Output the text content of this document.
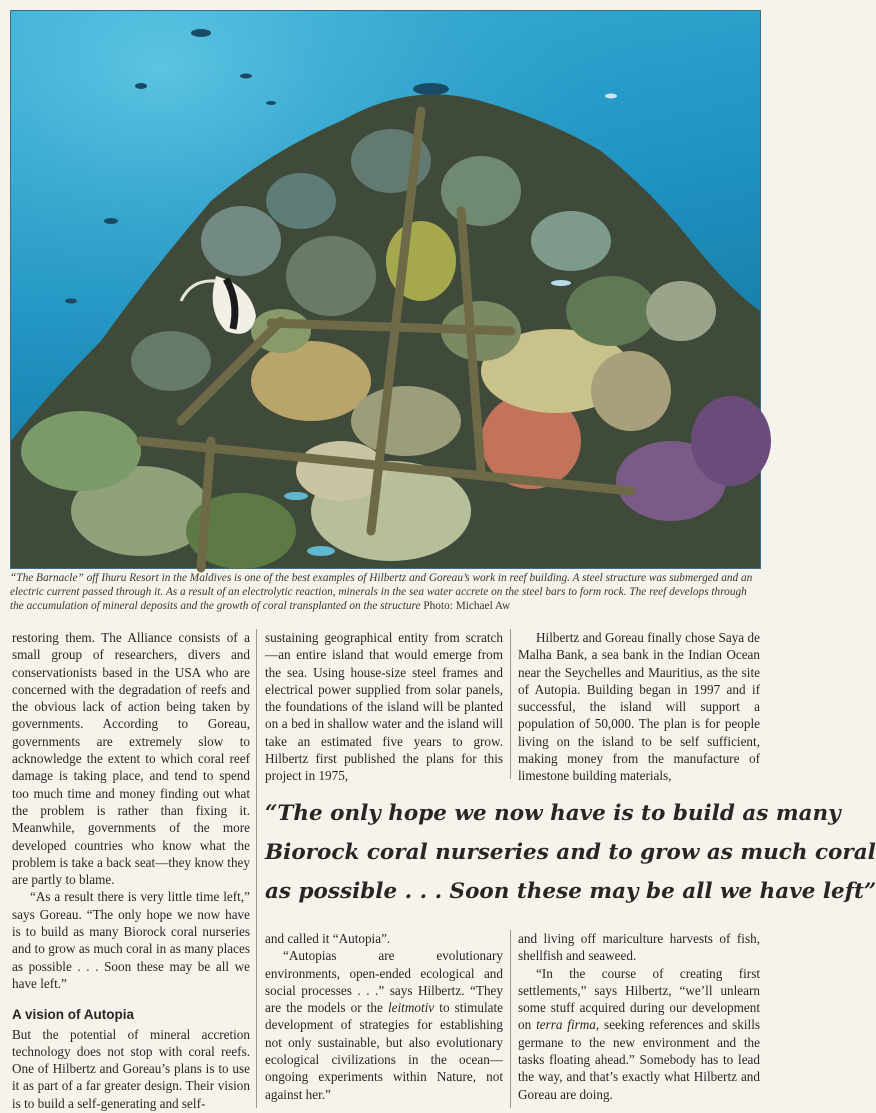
“The Barnacle” off Ihuru Resort in the Maldives is one of the best examples of Hilbertz and Goreau’s work in reef building. A steel structure was submerged and an electric current passed through it. As a result of an electrolytic reaction, minerals in the sea water accrete on the steel bars to form rock. The reef develops through the accumulation of mineral deposits and the growth of coral transplanted on the structure Photo: Michael Aw

restoring them. The Alliance consists of a small group of researchers, divers and conservationists based in the USA who are concerned with the degradation of reefs and the obvious lack of action being taken by governments. According to Goreau, governments are extremely slow to acknowledge the extent to which coral reef damage is taking place, and tend to spend too much time and money finding out what the problem is rather than fixing it. Meanwhile, governments of the more developed countries who know what the problem is take a back seat—they know they are partly to blame.

“As a result there is very little time left,” says Goreau. “The only hope we now have is to build as many Biorock coral nurseries and to grow as much coral in as many places as possible . . . Soon these may be all we have left.”

A vision of Autopia

But the potential of mineral accretion technology does not stop with coral reefs. One of Hilbertz and Goreau’s plans is to use it as part of a far greater design. Their vision is to build a self-generating and self-

sustaining geographical entity from scratch—an entire island that would emerge from the sea. Using house-size steel frames and electrical power supplied from solar panels, the foundations of the island will be planted on a bed in shallow water and the island will take an estimated five years to grow. Hilbertz first published the plans for this project in 1975,

Hilbertz and Goreau finally chose Saya de Malha Bank, a sea bank in the Indian Ocean near the Seychelles and Mauritius, as the site of Autopia. Building began in 1997 and if successful, the island will support a population of 50,000. The plan is for people living on the island to be self sufficient, making money from the manufacture of limestone building materials,

“The only hope we now have is to build as many
Biorock coral nurseries and to grow as much coral
as possible . . . Soon these may be all we have left”

and called it “Autopia”.

“Autopias are evolutionary environments, open-ended ecological and social processes . . .” says Hilbertz. “They are the models or the leitmotiv to stimulate development of strategies for establishing not only sustainable, but also evolutionary ecological civilizations in the ocean—ongoing experiments within Nature, not against her.”

and living off mariculture harvests of fish, shellfish and seaweed.

“In the course of creating first settlements,” says Hilbertz, “we’ll unlearn some stuff acquired during our development on terra firma, seeking references and skills germane to the new environment and the tasks floating ahead.” Somebody has to lead the way, and that’s exactly what Hilbertz and Goreau are doing.
